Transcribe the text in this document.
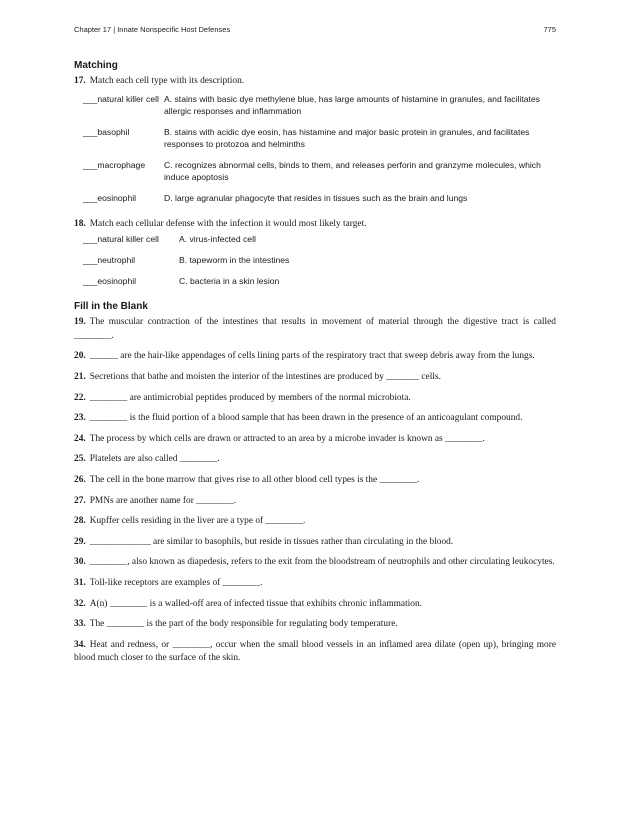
Chapter 17 | Innate Nonspecific Host Defenses	775
Matching
17. Match each cell type with its description.
___natural killer cell A. stains with basic dye methylene blue, has large amounts of histamine in granules, and facilitates allergic responses and inflammation
___basophil	B. stains with acidic dye eosin, has histamine and major basic protein in granules, and facilitates responses to protozoa and helminths
___macrophage	C. recognizes abnormal cells, binds to them, and releases perforin and granzyme molecules, which induce apoptosis
___eosinophil	D. large agranular phagocyte that resides in tissues such as the brain and lungs
18. Match each cellular defense with the infection it would most likely target.
___natural killer cell	A. virus-infected cell
___neutrophil	B. tapeworm in the intestines
___eosinophil	C. bacteria in a skin lesion
Fill in the Blank
19. The muscular contraction of the intestines that results in movement of material through the digestive tract is called ________.
20. ______ are the hair-like appendages of cells lining parts of the respiratory tract that sweep debris away from the lungs.
21. Secretions that bathe and moisten the interior of the intestines are produced by _______ cells.
22. ________ are antimicrobial peptides produced by members of the normal microbiota.
23. ________ is the fluid portion of a blood sample that has been drawn in the presence of an anticoagulant compound.
24. The process by which cells are drawn or attracted to an area by a microbe invader is known as ________.
25. Platelets are also called ________.
26. The cell in the bone marrow that gives rise to all other blood cell types is the ________.
27. PMNs are another name for ________.
28. Kupffer cells residing in the liver are a type of ________.
29. _____________ are similar to basophils, but reside in tissues rather than circulating in the blood.
30. ________, also known as diapedesis, refers to the exit from the bloodstream of neutrophils and other circulating leukocytes.
31. Toll-like receptors are examples of ________.
32. A(n) ________ is a walled-off area of infected tissue that exhibits chronic inflammation.
33. The ________ is the part of the body responsible for regulating body temperature.
34. Heat and redness, or ________, occur when the small blood vessels in an inflamed area dilate (open up), bringing more blood much closer to the surface of the skin.
